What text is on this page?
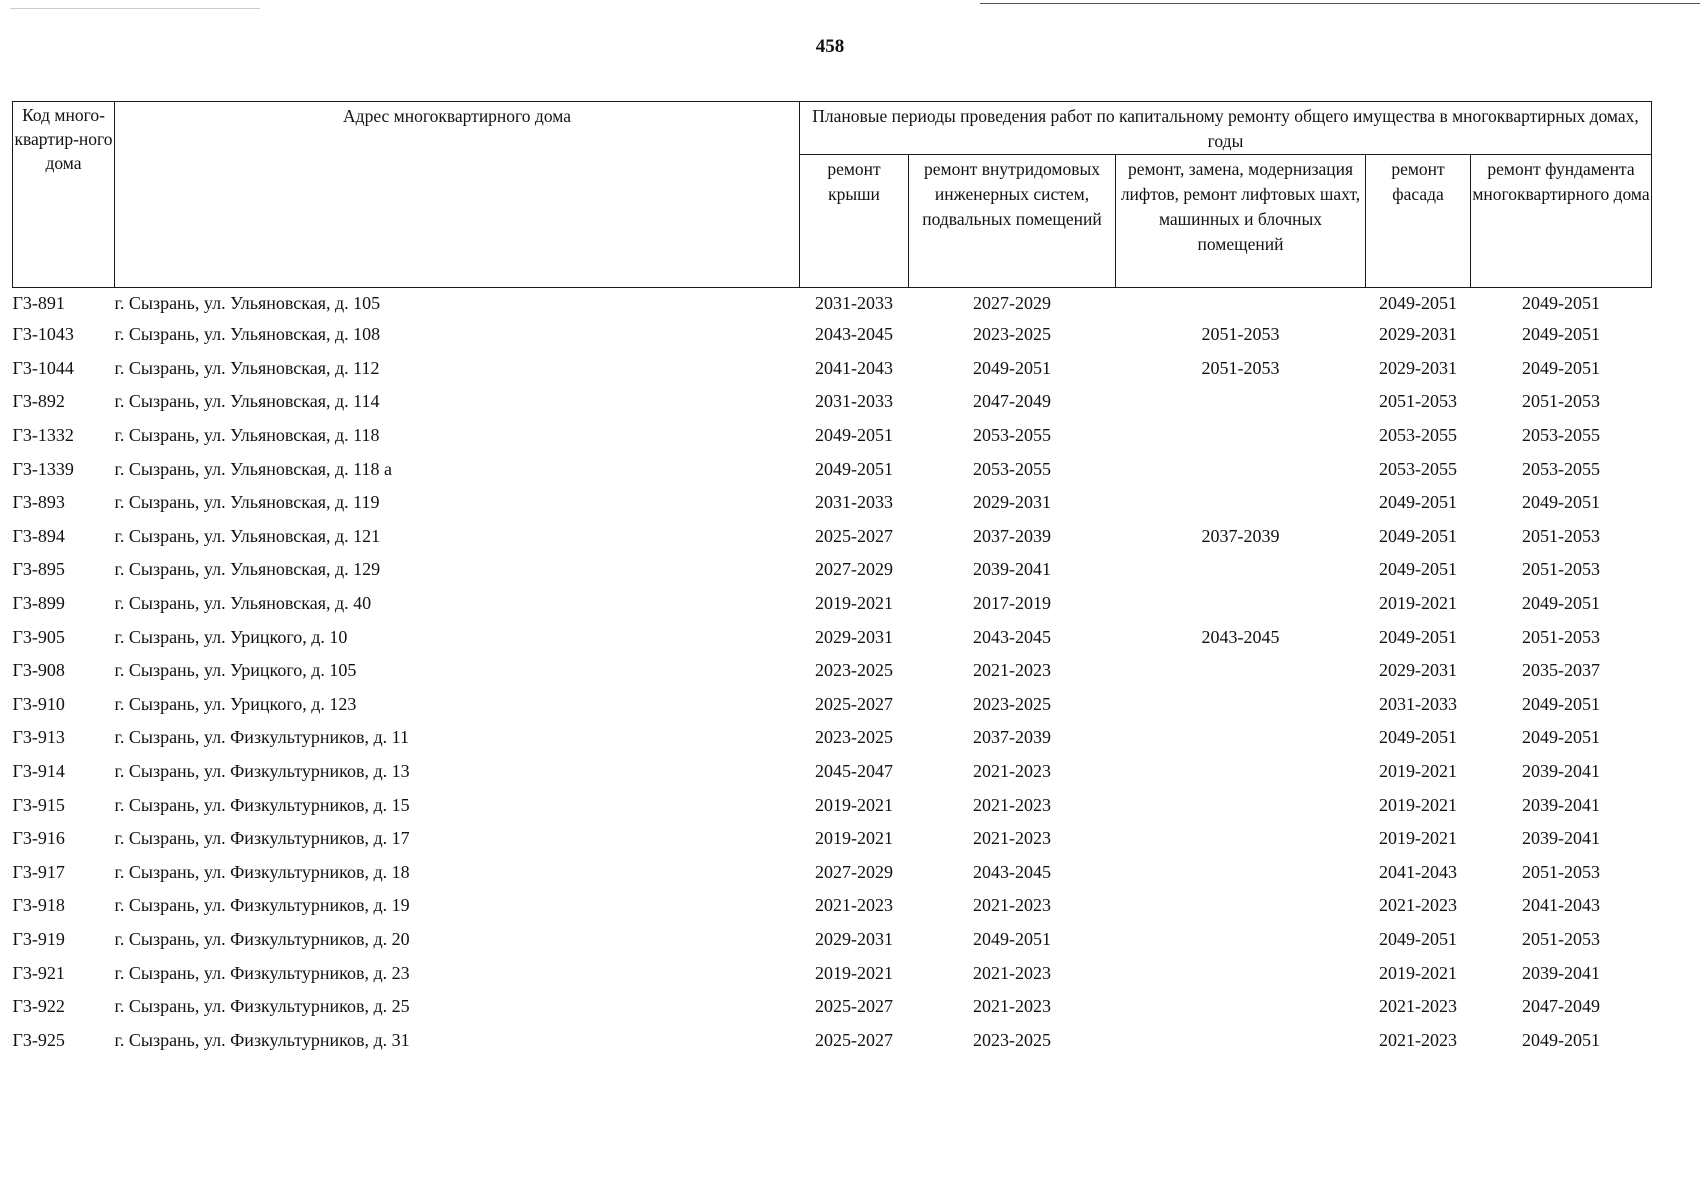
458
Код много-квартир-ного дома	Адрес многоквартирного дома	Плановые периоды проведения работ по капитальному ремонту общего имущества в многоквартирных домах, годы				
		ремонт крыши	ремонт внутридомовых инженерных систем, подвальных помещений	ремонт, замена, модернизация лифтов, ремонт лифтовых шахт, машинных и блочных помещений	ремонт фасада	ремонт фундамента многоквартирного дома
Г3-891	г. Сызрань, ул. Ульяновская, д. 105	2031-2033	2027-2029		2049-2051	2049-2051
Г3-1043	г. Сызрань, ул. Ульяновская, д. 108	2043-2045	2023-2025	2051-2053	2029-2031	2049-2051
Г3-1044	г. Сызрань, ул. Ульяновская, д. 112	2041-2043	2049-2051	2051-2053	2029-2031	2049-2051
Г3-892	г. Сызрань, ул. Ульяновская, д. 114	2031-2033	2047-2049		2051-2053	2051-2053
Г3-1332	г. Сызрань, ул. Ульяновская, д. 118	2049-2051	2053-2055		2053-2055	2053-2055
Г3-1339	г. Сызрань, ул. Ульяновская, д. 118 а	2049-2051	2053-2055		2053-2055	2053-2055
Г3-893	г. Сызрань, ул. Ульяновская, д. 119	2031-2033	2029-2031		2049-2051	2049-2051
Г3-894	г. Сызрань, ул. Ульяновская, д. 121	2025-2027	2037-2039	2037-2039	2049-2051	2051-2053
Г3-895	г. Сызрань, ул. Ульяновская, д. 129	2027-2029	2039-2041		2049-2051	2051-2053
Г3-899	г. Сызрань, ул. Ульяновская, д. 40	2019-2021	2017-2019		2019-2021	2049-2051
Г3-905	г. Сызрань, ул. Урицкого, д. 10	2029-2031	2043-2045	2043-2045	2049-2051	2051-2053
Г3-908	г. Сызрань, ул. Урицкого, д. 105	2023-2025	2021-2023		2029-2031	2035-2037
Г3-910	г. Сызрань, ул. Урицкого, д. 123	2025-2027	2023-2025		2031-2033	2049-2051
Г3-913	г. Сызрань, ул. Физкультурников, д. 11	2023-2025	2037-2039		2049-2051	2049-2051
Г3-914	г. Сызрань, ул. Физкультурников, д. 13	2045-2047	2021-2023		2019-2021	2039-2041
Г3-915	г. Сызрань, ул. Физкультурников, д. 15	2019-2021	2021-2023		2019-2021	2039-2041
Г3-916	г. Сызрань, ул. Физкультурников, д. 17	2019-2021	2021-2023		2019-2021	2039-2041
Г3-917	г. Сызрань, ул. Физкультурников, д. 18	2027-2029	2043-2045		2041-2043	2051-2053
Г3-918	г. Сызрань, ул. Физкультурников, д. 19	2021-2023	2021-2023		2021-2023	2041-2043
Г3-919	г. Сызрань, ул. Физкультурников, д. 20	2029-2031	2049-2051		2049-2051	2051-2053
Г3-921	г. Сызрань, ул. Физкультурников, д. 23	2019-2021	2021-2023		2019-2021	2039-2041
Г3-922	г. Сызрань, ул. Физкультурников, д. 25	2025-2027	2021-2023		2021-2023	2047-2049
Г3-925	г. Сызрань, ул. Физкультурников, д. 31	2025-2027	2023-2025		2021-2023	2049-2051
